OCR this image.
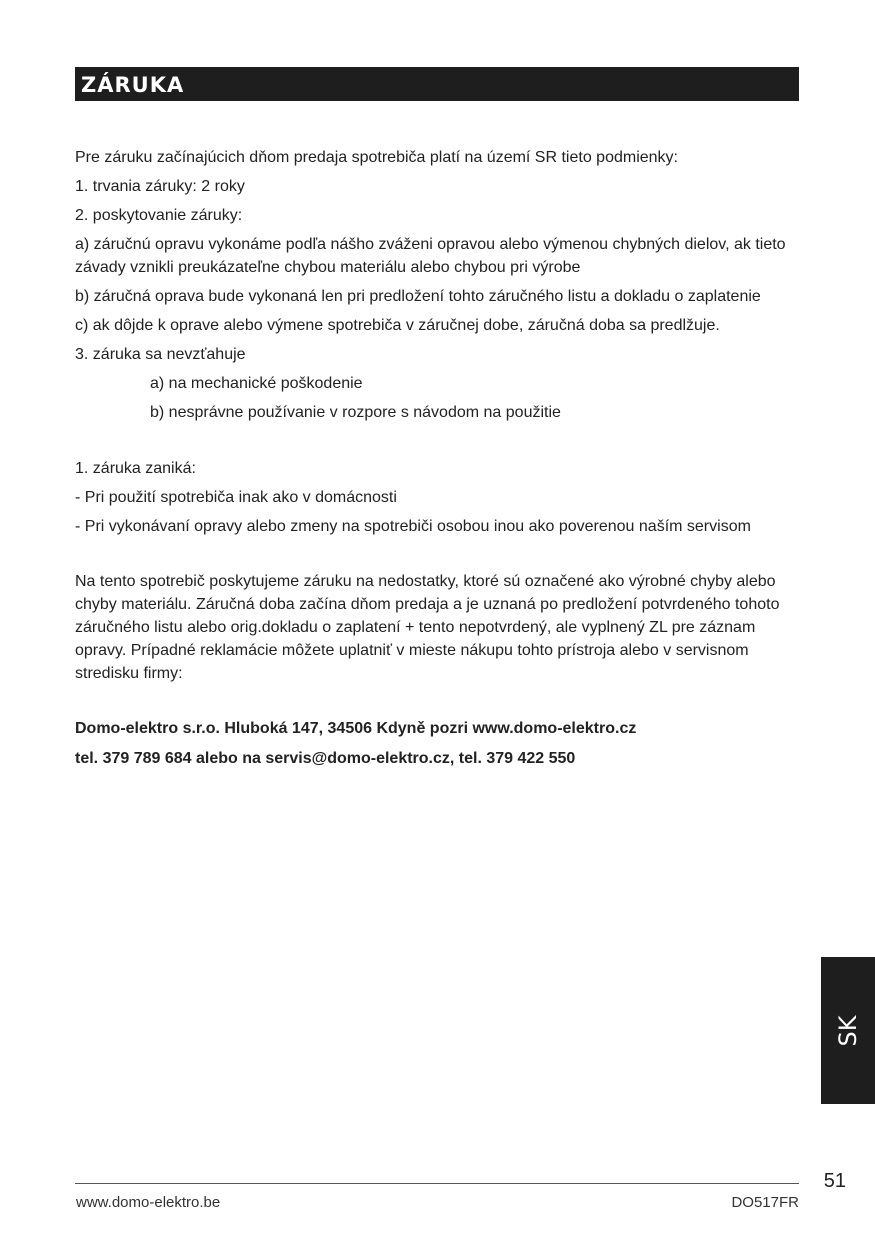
ZÁRUKA

Pre záruku začínajúcich dňom predaja spotrebiča platí na území SR tieto podmienky:

1. trvania záruky: 2 roky

2. poskytovanie záruky:

a) záručnú opravu vykonáme podľa nášho zváženi opravou alebo výmenou chybných dielov, ak tieto závady vznikli preukázateľne chybou materiálu alebo chybou pri výrobe

b) záručná oprava bude vykonaná len pri predložení tohto záručného listu a dokladu o zaplatenie

c) ak dôjde k oprave alebo výmene spotrebiča v záručnej dobe, záručná doba sa predlžuje.

3. záruka sa nevzťahuje

a) na mechanické poškodenie

b) nesprávne používanie v rozpore s návodom na použitie

1. záruka zaniká:

- Pri použití spotrebiča inak ako v domácnosti

- Pri vykonávaní opravy alebo zmeny na spotrebiči osobou inou ako poverenou naším servisom

Na tento spotrebič poskytujeme záruku na nedostatky, ktoré sú označené ako výrobné chyby alebo chyby materiálu. Záručná doba začína dňom predaja a je uznaná po predložení potvrdeného tohoto záručného listu alebo orig.dokladu o zaplatení + tento nepotvrdený, ale vyplnený ZL pre záznam opravy. Prípadné reklamácie môžete uplatniť v mieste nákupu tohto prístroja alebo v servisnom stredisku firmy:

Domo-elektro s.r.o. Hluboká 147, 34506 Kdyně pozri www.domo-elektro.cz

tel. 379 789 684 alebo na servis@domo-elektro.cz, tel. 379 422 550

SK
51
www.domo-elektro.be	DO517FR
